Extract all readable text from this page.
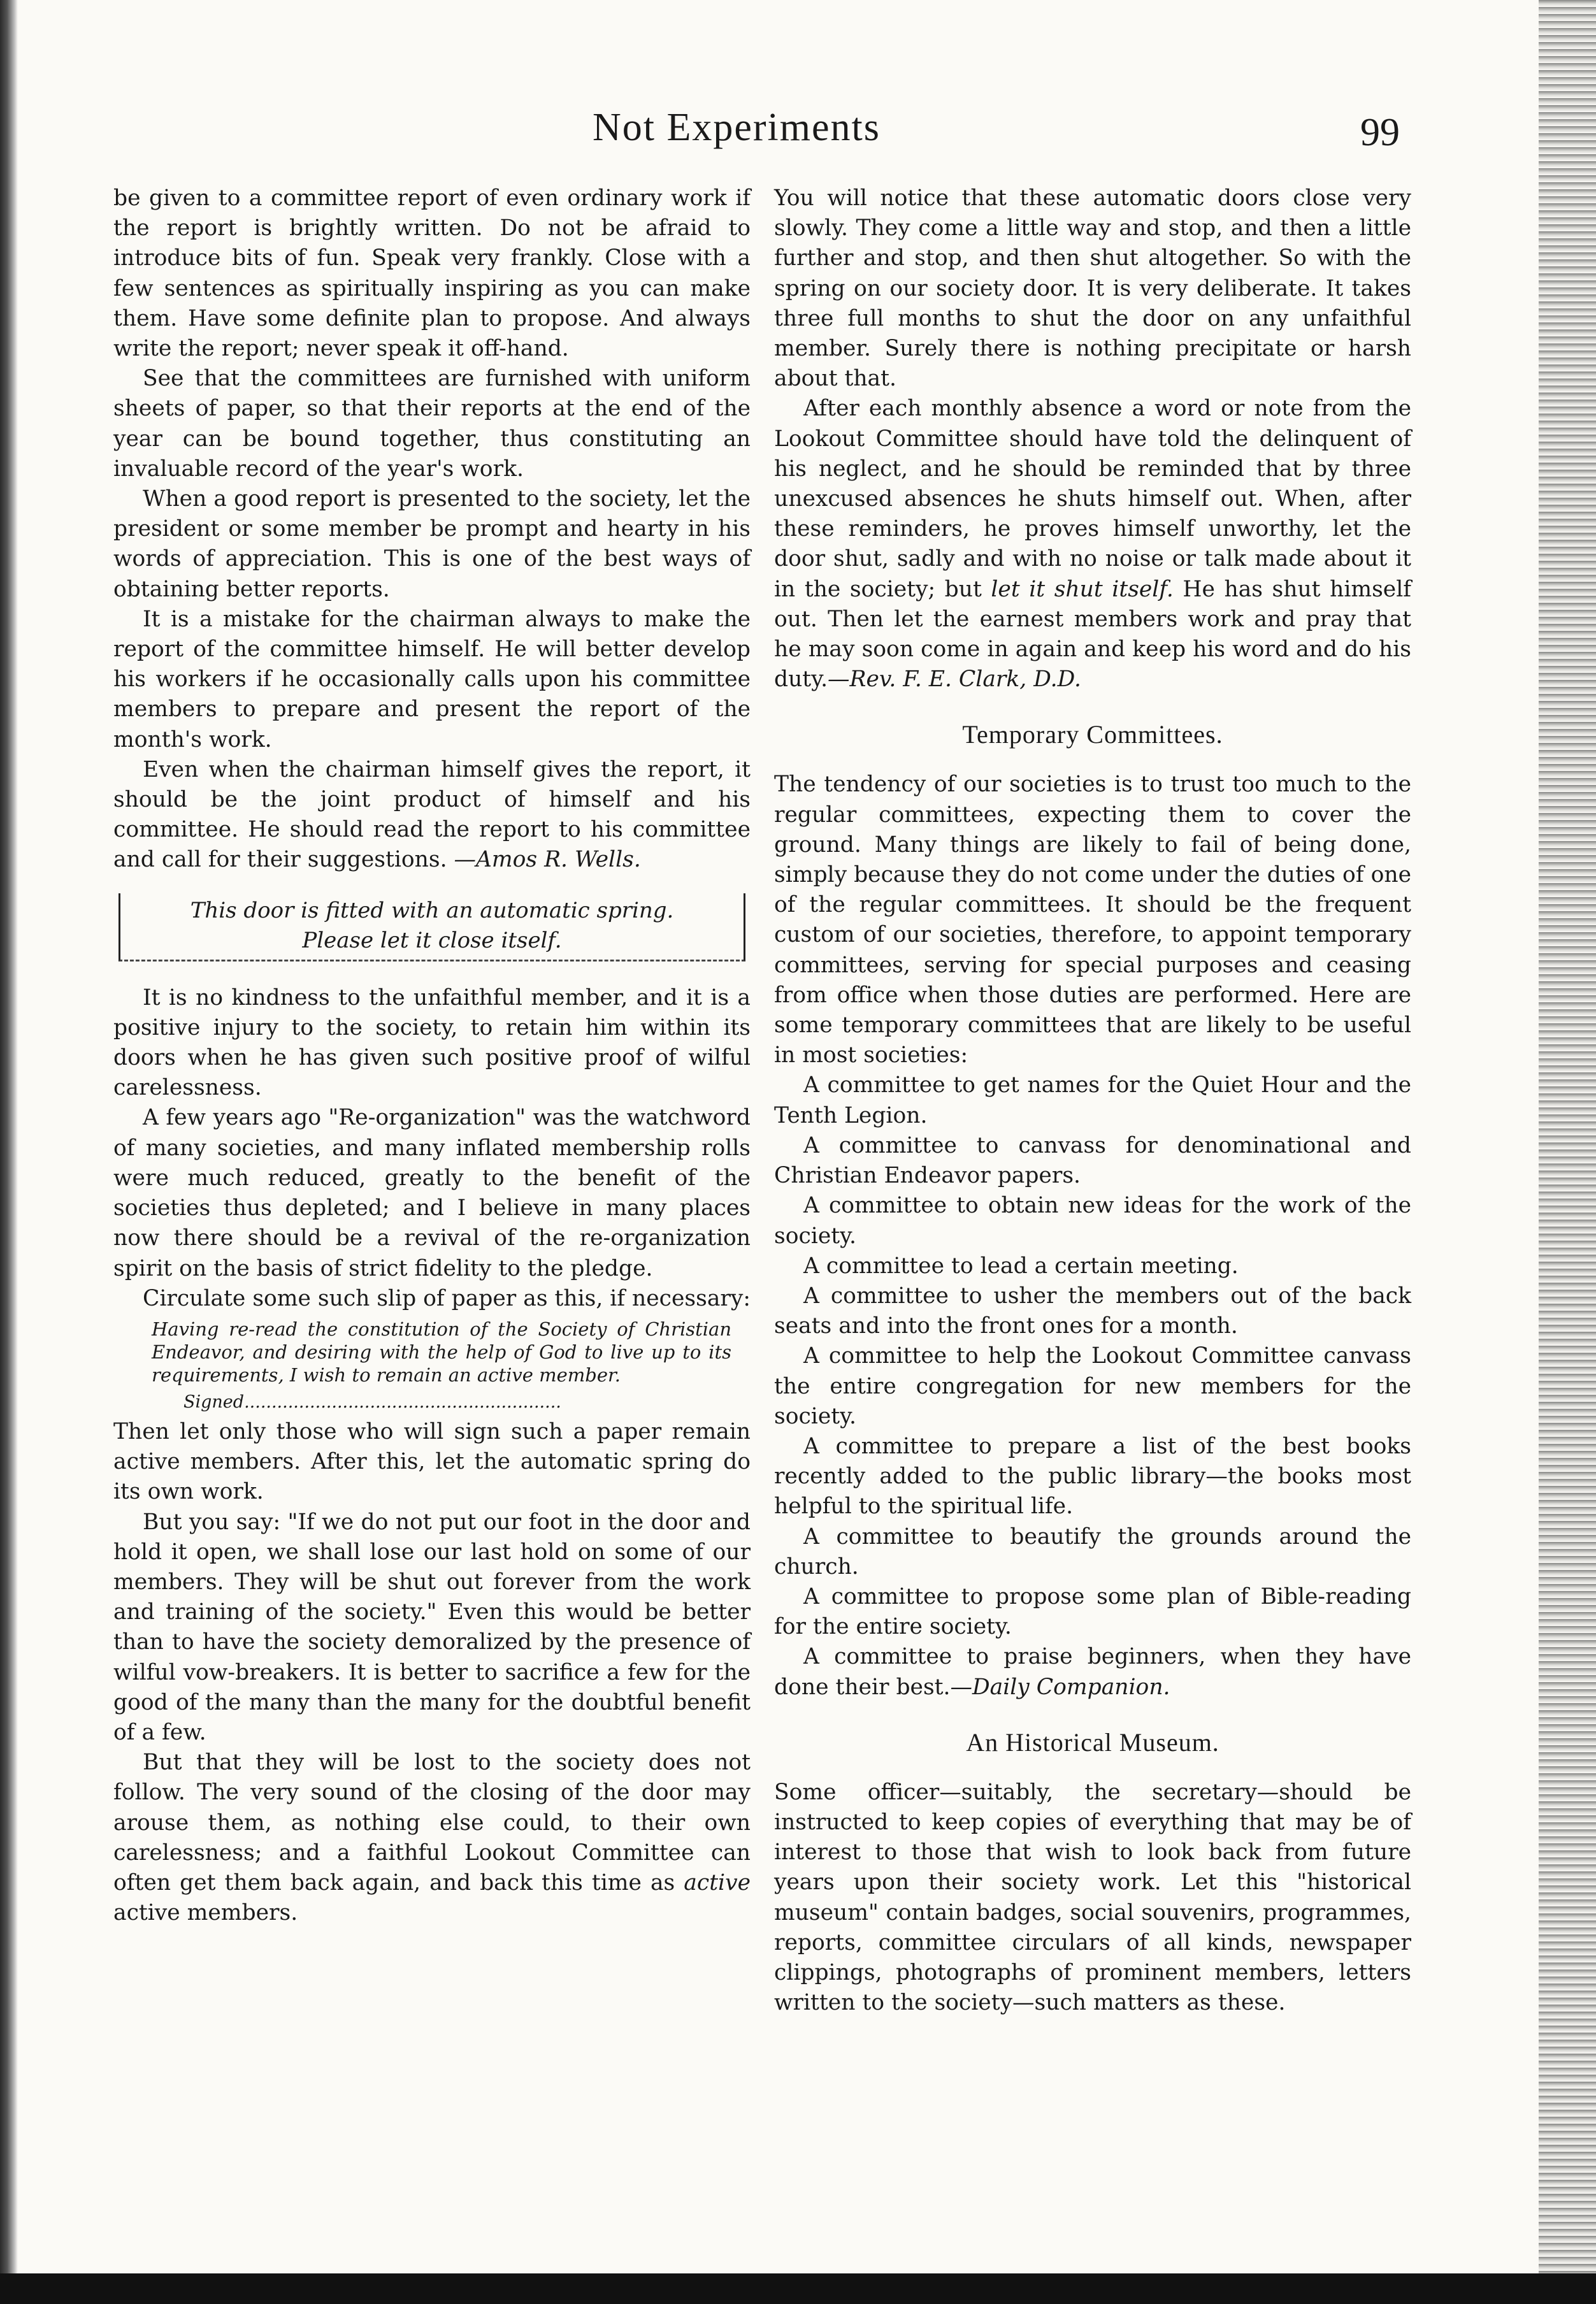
Not Experiments	99

be given to a committee report of even ordinary work if the report is brightly written. Do not be afraid to introduce bits of fun. Speak very frankly. Close with a few sentences as spiritually inspiring as you can make them. Have some definite plan to propose. And always write the report; never speak it off-hand.

See that the committees are furnished with uniform sheets of paper, so that their reports at the end of the year can be bound together, thus constituting an invaluable record of the year's work.

When a good report is presented to the society, let the president or some member be prompt and hearty in his words of appreciation. This is one of the best ways of obtaining better reports.

It is a mistake for the chairman always to make the report of the committee himself. He will better develop his workers if he occasionally calls upon his committee members to prepare and present the report of the month's work.

Even when the chairman himself gives the report, it should be the joint product of himself and his committee. He should read the report to his committee and call for their suggestions. —Amos R. Wells.

This door is fitted with an automatic spring.
Please let it close itself.

It is no kindness to the unfaithful member, and it is a positive injury to the society, to retain him within its doors when he has given such positive proof of wilful carelessness.

A few years ago "Re-organization" was the watchword of many societies, and many inflated membership rolls were much reduced, greatly to the benefit of the societies thus depleted; and I believe in many places now there should be a revival of the re-organization spirit on the basis of strict fidelity to the pledge.

Circulate some such slip of paper as this, if necessary:

Having re-read the constitution of the Society of Christian Endeavor, and desiring with the help of God to live up to its requirements, I wish to remain an active member.
Signed..........................................................

Then let only those who will sign such a paper remain active members. After this, let the automatic spring do its own work.

But you say: "If we do not put our foot in the door and hold it open, we shall lose our last hold on some of our members. They will be shut out forever from the work and training of the society." Even this would be better than to have the society demoralized by the presence of wilful vow-breakers. It is better to sacrifice a few for the good of the many than the many for the doubtful benefit of a few.

But that they will be lost to the society does not follow. The very sound of the closing of the door may arouse them, as nothing else could, to their own carelessness; and a faithful Lookout Committee can often get them back again, and back this time as active active members.

You will notice that these automatic doors close very slowly. They come a little way and stop, and then a little further and stop, and then shut altogether. So with the spring on our society door. It is very deliberate. It takes three full months to shut the door on any unfaithful member. Surely there is nothing precipitate or harsh about that.

After each monthly absence a word or note from the Lookout Committee should have told the delinquent of his neglect, and he should be reminded that by three unexcused absences he shuts himself out. When, after these reminders, he proves himself unworthy, let the door shut, sadly and with no noise or talk made about it in the society; but let it shut itself. He has shut himself out. Then let the earnest members work and pray that he may soon come in again and keep his word and do his duty.—Rev. F. E. Clark, D.D.

Temporary Committees.

The tendency of our societies is to trust too much to the regular committees, expecting them to cover the ground. Many things are likely to fail of being done, simply because they do not come under the duties of one of the regular committees. It should be the frequent custom of our societies, therefore, to appoint temporary committees, serving for special purposes and ceasing from office when those duties are performed. Here are some temporary committees that are likely to be useful in most societies:

A committee to get names for the Quiet Hour and the Tenth Legion.

A committee to canvass for denominational and Christian Endeavor papers.

A committee to obtain new ideas for the work of the society.

A committee to lead a certain meeting.

A committee to usher the members out of the back seats and into the front ones for a month.

A committee to help the Lookout Committee canvass the entire congregation for new members for the society.

A committee to prepare a list of the best books recently added to the public library—the books most helpful to the spiritual life.

A committee to beautify the grounds around the church.

A committee to propose some plan of Bible-reading for the entire society.

A committee to praise beginners, when they have done their best.—Daily Companion.

An Historical Museum.

Some officer—suitably, the secretary—should be instructed to keep copies of everything that may be of interest to those that wish to look back from future years upon their society work. Let this "historical museum" contain badges, social souvenirs, programmes, reports, committee circulars of all kinds, newspaper clippings, photographs of prominent members, letters written to the society—such matters as these.
